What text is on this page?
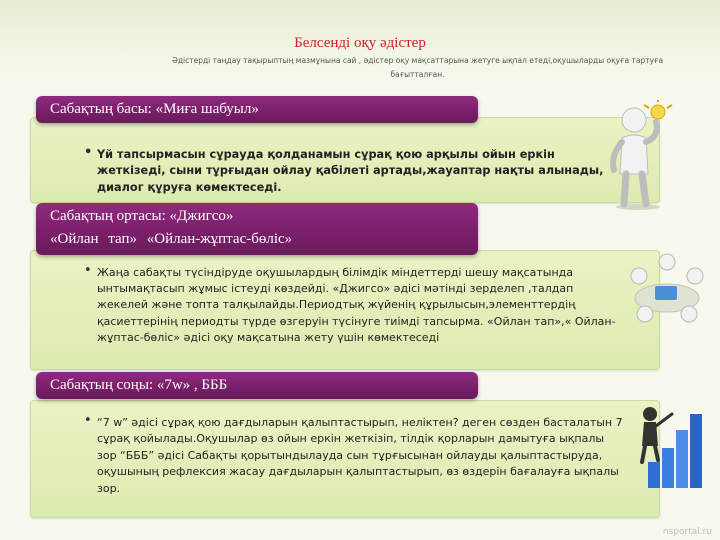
Белсенді оқу әдістер
Әдістерді таңдау тақырыптың мазмұнына сай , әдістер оқу мақсаттарына жетуге ықпал етеді,оқушыларды оқуға тартуға бағытталған.
• Үй тапсырмасын сұрауда қолданамын сұрақ қою арқылы ойын еркін жеткізеді, сыни тұрғыдан ойлау қабілеті артады,жауаптар нақты алынады, диалог құруға көмектеседі.
Сабақтың басы: «Миға шабуыл»
• Жаңа сабақты түсіндіруде оқушылардың білімдік міндеттерді шешу мақсатында ынтымақтасып жұмыс істеуді көздейді. «Джигсо» әдісі мәтінді зерделеп ,талдап жекелей және топта талқылайды.Периодтық жүйенің құрылысын,элементтердің қасиеттерінің периодты түрде өзгеруін түсінуге тиімді тапсырма. «Ойлан тап»,« Ойлан-жұптас-бөліс» әдісі оқу мақсатына жету үшін көмектеседі
Сабақтың ортасы: «Джигсо»
«Ойлан тап» «Ойлан-жұптас-бөліс»
• “7 w” әдісі сұрақ қою дағдыларын қалыптастырып, неліктен? деген сөзден басталатын 7 сұрақ қойылады.Оқушылар өз ойын еркін жеткізіп, тілдік қорларын дамытуға ықпалы зор “БББ” әдісі Сабақты қорытындылауда сын тұрғысынан ойлауды қалыптастыруда, оқушының рефлексия жасау дағдыларын қалыптастырып, өз өздерін бағалауға ықпалы зор.
Сабақтың соңы: «7w» , БББ
nsportal.ru
